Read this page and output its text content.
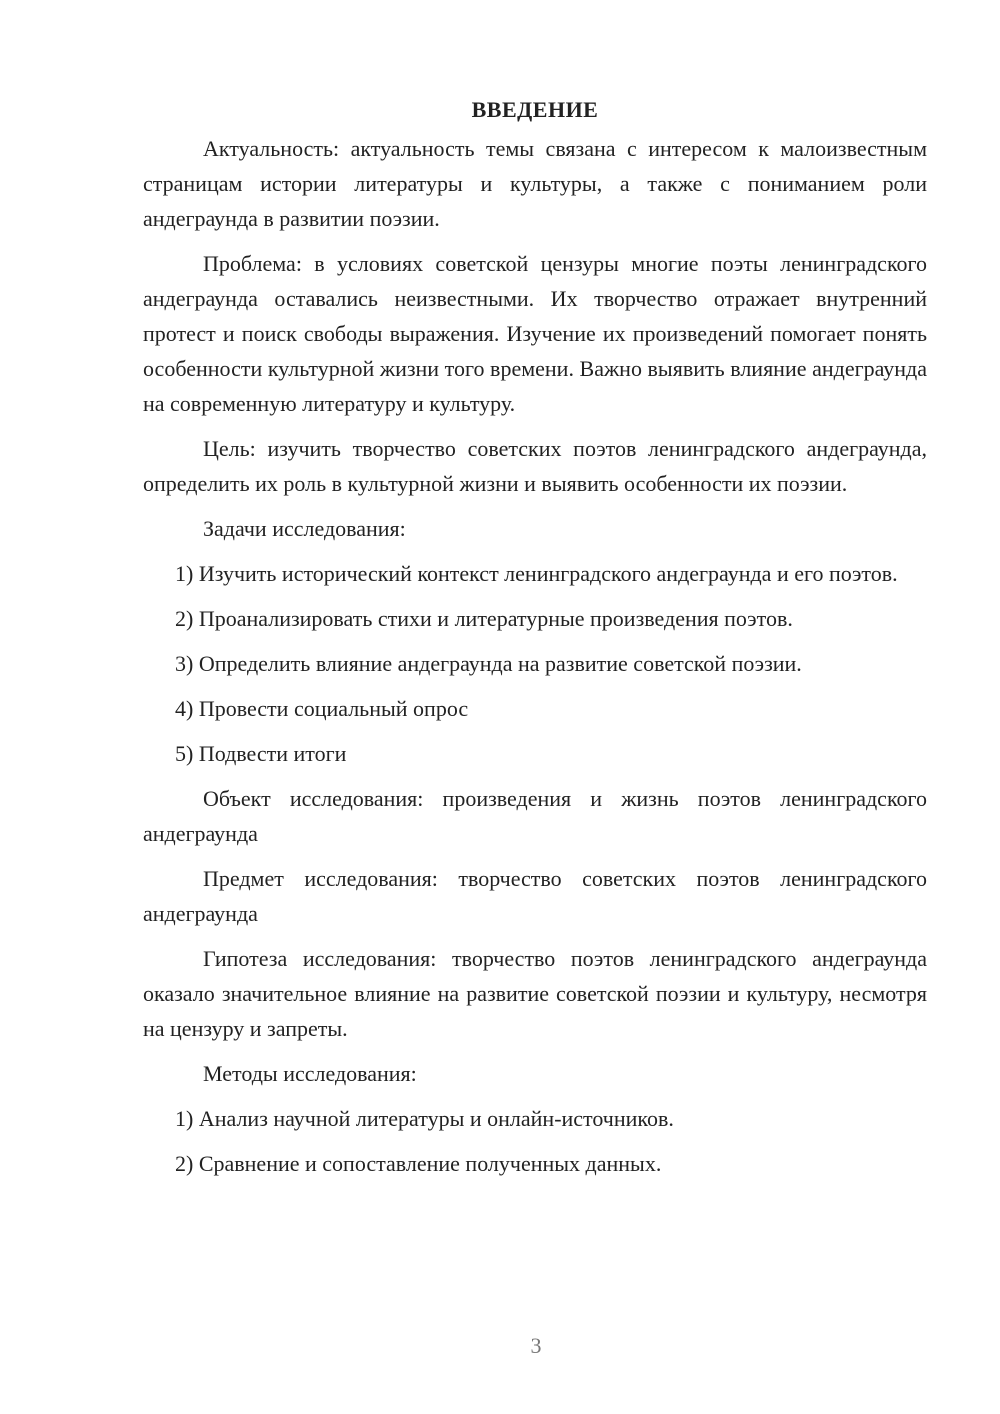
ВВЕДЕНИЕ

Актуальность: актуальность темы связана с интересом к малоизвестным страницам истории литературы и культуры, а также с пониманием роли андеграунда в развитии поэзии.

Проблема: в условиях советской цензуры многие поэты ленинградского андеграунда оставались неизвестными. Их творчество отражает внутренний протест и поиск свободы выражения. Изучение их произведений помогает понять особенности культурной жизни того времени. Важно выявить влияние андеграунда на современную литературу и культуру.

Цель: изучить творчество советских поэтов ленинградского андеграунда, определить их роль в культурной жизни и выявить особенности их поэзии.

Задачи исследования:

1) Изучить исторический контекст ленинградского андеграунда и его поэтов.

2) Проанализировать стихи и литературные произведения поэтов.

3) Определить влияние андеграунда на развитие советской поэзии.

4) Провести социальный опрос

5) Подвести итоги

Объект исследования: произведения и жизнь поэтов ленинградского андеграунда

Предмет исследования: творчество советских поэтов ленинградского андеграунда

Гипотеза исследования: творчество поэтов ленинградского андеграунда оказало значительное влияние на развитие советской поэзии и культуру, несмотря на цензуру и запреты.

Методы исследования:

1) Анализ научной литературы и онлайн-источников.

2) Сравнение и сопоставление полученных данных.

3
